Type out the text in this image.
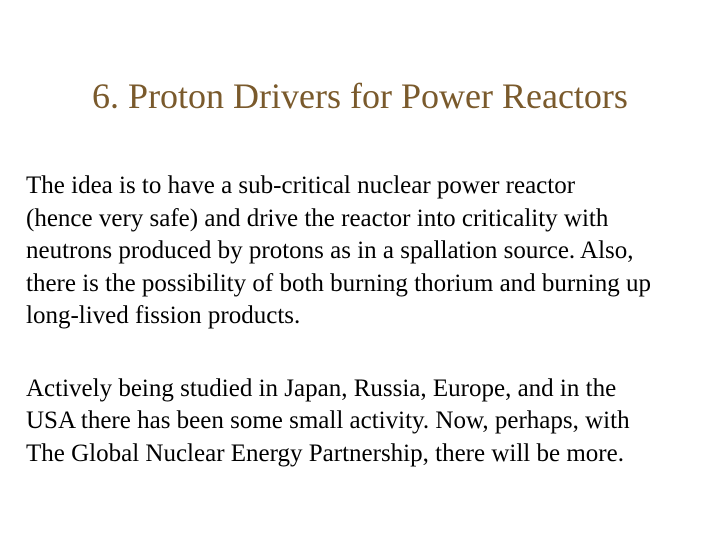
6. Proton Drivers for Power Reactors

The idea is to have a sub-critical nuclear power reactor
(hence very safe) and drive the reactor into criticality with
neutrons produced by protons as in a spallation source. Also,
there is the possibility of both burning thorium and burning up
long-lived fission products.

Actively being studied in Japan, Russia, Europe, and in the
USA there has been some small activity. Now, perhaps, with
The Global Nuclear Energy Partnership, there will be more.
